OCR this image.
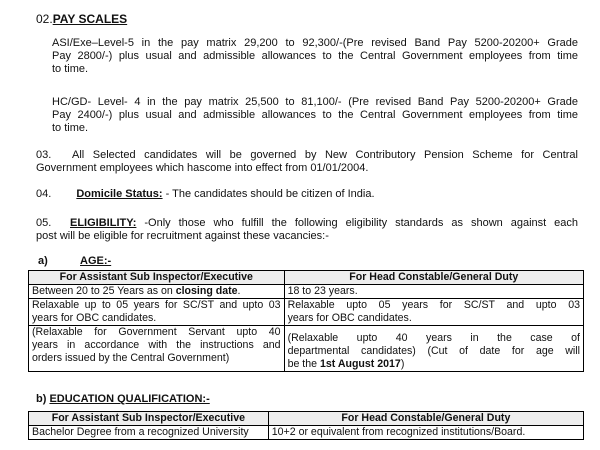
02.PAY SCALES
ASI/Exe–Level-5 in the pay matrix 29,200 to 92,300/-(Pre revised Band Pay 5200-20200+ Grade
Pay 2800/-) plus usual and admissible allowances to the Central Government employees from time
to time.
HC/GD- Level- 4 in the pay matrix 25,500 to 81,100/- (Pre revised Band Pay 5200-20200+ Grade
Pay 2400/-) plus usual and admissible allowances to the Central Government employees from time
to time.
03. All Selected candidates will be governed by New Contributory Pension Scheme for Central
Government employees which hascome into effect from 01/01/2004.
04. Domicile Status: - The candidates should be citizen of India.
05. ELIGIBILITY: -Only those who fulfill the following eligibility standards as shown against each
post will be eligible for recruitment against these vacancies:-
a)	AGE:-
For Assistant Sub Inspector/Executive	For Head Constable/General Duty
Between 20 to 25 Years as on closing date.	18 to 23 years.

Relaxable up to 05 years for SC/ST and upto 03
years for OBC candidates.	Relaxable upto 05 years for SC/ST and upto 03
years for OBC candidates.

(Relaxable for Government Servant upto 40
years in accordance with the instructions and
orders issued by the Central Government)	(Relaxable upto 40 years in the case of
departmental candidates) (Cut of date for age will
be the 1st August 2017)
b) EDUCATION QUALIFICATION:-
For Assistant Sub Inspector/Executive	For Head Constable/General Duty
Bachelor Degree from a recognized University	10+2 or equivalent from recognized institutions/Board.
